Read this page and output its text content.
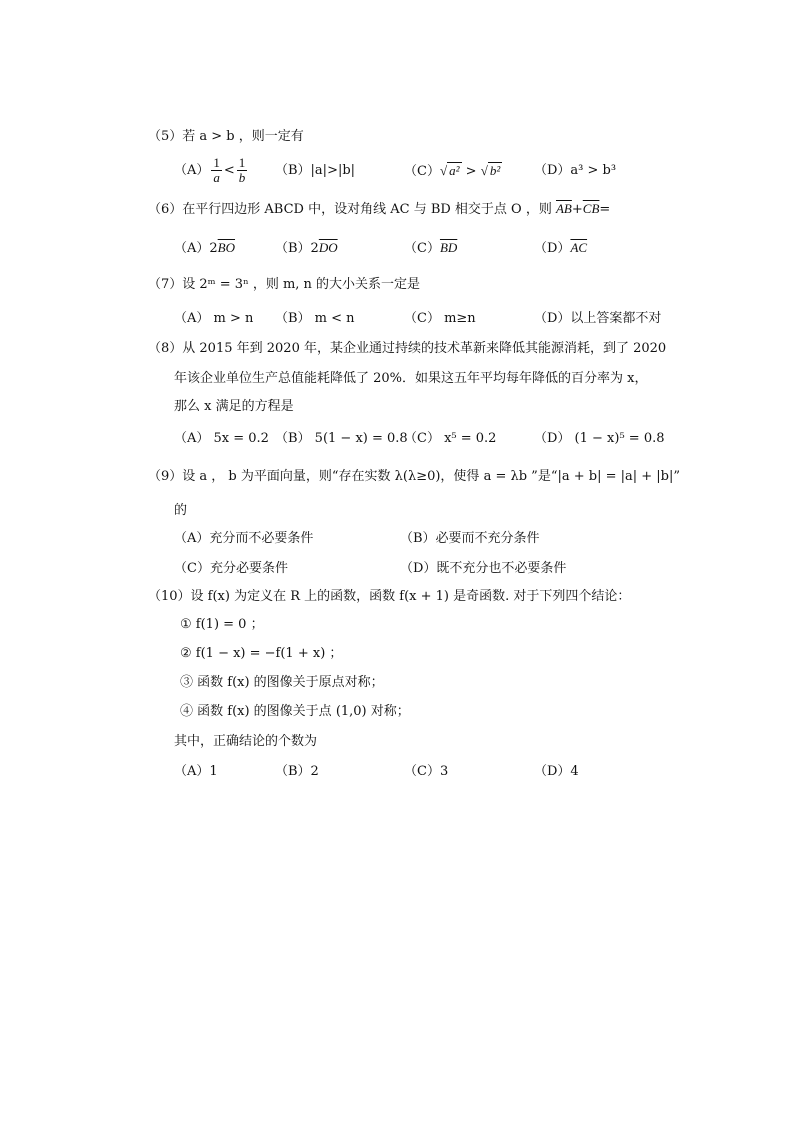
（5）若 a > b ，则一定有
$(A) \frac{1}{a} < \frac{1}{b} (B)|a|>|b|$	（C）√ a² > √ b²	（D）a³ > b³
（6）在平行四边形 ABCD 中，设对角线 AC 与 BD 相交于点 O ，则 $\overline{AB}+\overline{CB}=$
$(A)2\overline{BO}$	$(B)2\overline{DO}$	$(C)\overline{BD}$	$(D)\overline{AC}$
（7）设 2ᵐ = 3ⁿ ，则 m, n 的大小关系一定是
（A） m > n （B） m < n	（C） m≥n	（D）以上答案都不对
（8）从 2015 年到 2020 年，某企业通过持续的技术革新来降低其能源消耗，到了 2020
年该企业单位生产总值能耗降低了 20%．如果这五年平均每年降低的百分率为 x，
那么 x 满足的方程是
（A） 5x = 0.2 （B） 5(1 − x) = 0.8
（C） x⁵ = 0.2	（D） (1 − x)⁵ = 0.8
（9）设 a ， b 为平面向量，则“存在实数 λ(λ≥0)，使得 a = λb ”是“|a + b| = |a| + |b|”
的
（A）充分而不必要条件	（B）必要而不充分条件
（C）充分必要条件	（D）既不充分也不必要条件
（10）设 f(x) 为定义在 R 上的函数，函数 f(x + 1) 是奇函数. 对于下列四个结论：
① f(1) = 0 ；
② f(1 − x) = −f(1 + x) ；
③ 函数 f(x) 的图像关于原点对称；
④ 函数 f(x) 的图像关于点 (1,0) 对称；
其中，正确结论的个数为
（A）1	（B）2	（C）3	（D）4
